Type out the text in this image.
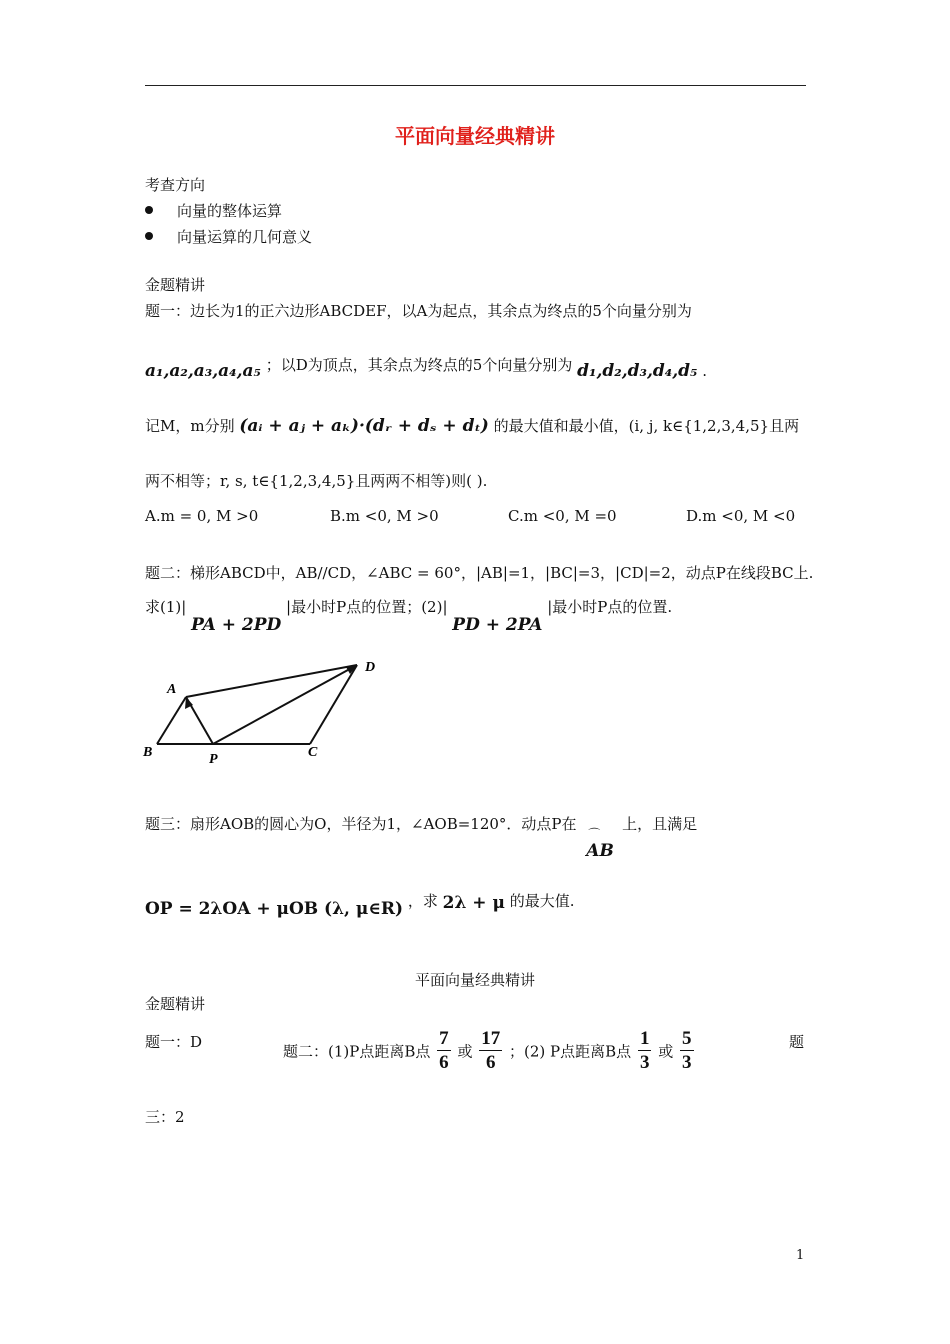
平面向量经典精讲
考查方向
向量的整体运算
向量运算的几何意义
金题精讲
题一：边长为1的正六边形ABCDEF，以A为起点，其余点为终点的5个向量分别为
a₁,a₂,a₃,a₄,a₅ ；以D为顶点，其余点为终点的5个向量分别为 d₁,d₂,d₃,d₄,d₅ .
记M，m分别 (aᵢ + aⱼ + aₖ)·(dᵣ + dₛ + dₜ) 的最大值和最小值，(i, j, k∈{1,2,3,4,5}且两
两不相等；r, s, t∈{1,2,3,4,5}且两两不相等)则( ).
A.m = 0, M >0	B.m <0, M >0	C.m <0, M =0	D.m <0, M <0
题二：梯形ABCD中，AB//CD，∠ABC = 60°，|AB|=1，|BC|=3，|CD|=2，动点P在线段BC上.
求(1)| PA + 2PD |最小时P点的位置；(2)| PD + 2PA |最小时P点的位置.
A
B	P	C
D
题三：扇形AOB的圆心为O，半径为1，∠AOB=120°．动点P在
⌒
AB
上，且满足
OP = 2λOA + μOB (λ, μ∈R) ，求 2λ + μ 的最大值.
平面向量经典精讲
金题精讲
题一：D
题二：(1)P点距离B点 $\frac{7}{6}$ 或 $\frac{17}{6}$ ；(2) P点距离B点 $\frac{1}{3}$ 或 $\frac{5}{3}$	题
三：2
1
